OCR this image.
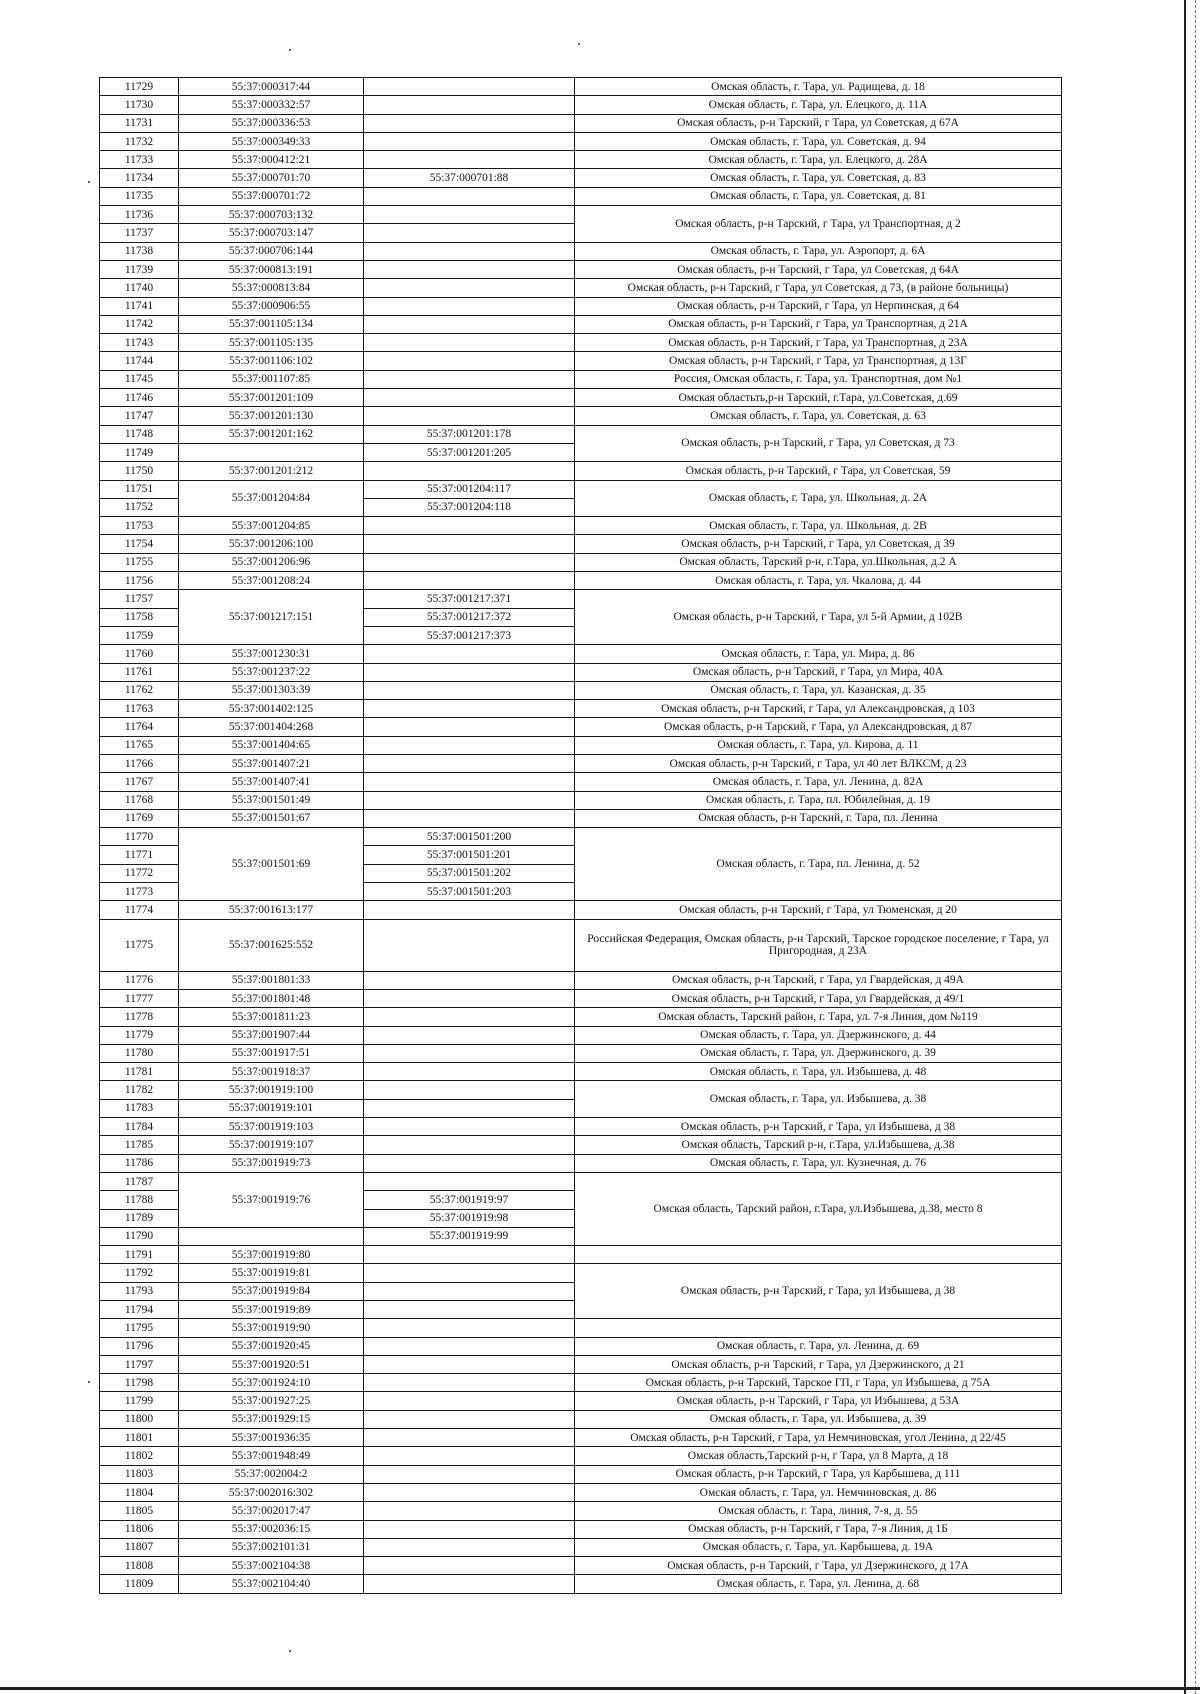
11729	55:37:000317:44		Омская область, г. Тара, ул. Радищева, д. 18
11730	55:37:000332:57		Омская область, г. Тара, ул. Елецкого, д. 11А
11731	55:37:000336:53		Омская область, р-н Тарский, г Тара, ул Советская, д 67А
11732	55:37:000349:33		Омская область, г. Тара, ул. Советская, д. 94
11733	55:37:000412:21		Омская область, г. Тара, ул. Елецкого, д. 28А
11734	55:37:000701:70	55:37:000701:88	Омская область, г. Тара, ул. Советская, д. 83
11735	55:37:000701:72		Омская область, г. Тара, ул. Советская, д. 81
11736	55:37:000703:132		Омская область, р-н Тарский, г Тара, ул Транспортная, д 2
11737	55:37:000703:147		
11738	55:37:000706:144		Омская область, г. Тара, ул. Аэропорт, д. 6А
11739	55:37:000813:191		Омская область, р-н Тарский, г Тара, ул Советская, д 64А
11740	55:37:000813:84		Омская область, р-н Тарский, г Тара, ул Советская, д 73, (в районе больницы)
11741	55:37:000906:55		Омская область, р-н Тарский, г Тара, ул Нерпинская, д 64
11742	55:37:001105:134		Омская область, р-н Тарский, г Тара, ул Транспортная, д 21А
11743	55:37:001105:135		Омская область, р-н Тарский, г Тара, ул Транспортная, д 23А
11744	55:37:001106:102		Омская область, р-н Тарский, г Тара, ул Транспортная, д 13Г
11745	55:37:001107:85		Россия, Омская область, г. Тара, ул. Транспортная, дом №1
11746	55:37:001201:109		Омская областьть,р-н Тарский, г.Тара, ул.Советская, д.69
11747	55:37:001201:130		Омская область, г. Тара, ул. Советская, д. 63
11748	55:37:001201:162	55:37:001201:178	Омская область, р-н Тарский, г Тара, ул Советская, д 73
11749		55:37:001201:205	
11750	55:37:001201:212		Омская область, р-н Тарский, г Тара, ул Советская, 59
11751	55:37:001204:84	55:37:001204:117	Омская область, г. Тара, ул. Школьная, д. 2А
11752		55:37:001204:118	
11753	55:37:001204:85		Омская область, г. Тара, ул. Школьная, д. 2В
11754	55:37:001206:100		Омская область, р-н Тарский, г Тара, ул Советская, д 39
11755	55:37:001206:96		Омская область, Тарский р-н, г.Тара, ул.Школьная, д.2 А
11756	55:37:001208:24		Омская область, г. Тара, ул. Чкалова, д. 44
11757	55:37:001217:151	55:37:001217:371	Омская область, р-н Тарский, г Тара, ул 5-й Армии, д 102В
11758		55:37:001217:372	
11759		55:37:001217:373	
11760	55:37:001230:31		Омская область, г. Тара, ул. Мира, д. 86
11761	55:37:001237:22		Омская область, р-н Тарский, г Тара, ул Мира, 40А
11762	55:37:001303:39		Омская область, г. Тара, ул. Казанская, д. 35
11763	55:37:001402:125		Омская область, р-н Тарский, г Тара, ул Александровская, д 103
11764	55:37:001404:268		Омская область, р-н Тарский, г Тара, ул Александровская, д 87
11765	55:37:001404:65		Омская область, г. Тара, ул. Кирова, д. 11
11766	55:37:001407:21		Омская область, р-н Тарский, г Тара, ул 40 лет ВЛКСМ, д 23
11767	55:37:001407:41		Омская область, г. Тара, ул. Ленина, д. 82А
11768	55:37:001501:49		Омская область, г. Тара, пл. Юбилейная, д. 19
11769	55:37:001501:67		Омская область, р-н Тарский, г. Тара, пл. Ленина
11770	55:37:001501:69	55:37:001501:200	Омская область, г. Тара, пл. Ленина, д. 52
11771		55:37:001501:201	
11772		55:37:001501:202	
11773		55:37:001501:203	
11774	55:37:001613:177		Омская область, р-н Тарский, г Тара, ул Тюменская, д 20
11775	55:37:001625:552		Российская Федерация, Омская область, р-н Тарский, Тарское городское поселение, г Тара, ул Пригородная, д 23А
11776	55:37:001801:33		Омская область, р-н Тарский, г Тара, ул Гвардейская, д 49А
11777	55:37:001801:48		Омская область, р-н Тарский, г Тара, ул Гвардейская, д 49/1
11778	55:37:001811:23		Омская область, Тарский район, г. Тара, ул. 7-я Линия, дом №119
11779	55:37:001907:44		Омская область, г. Тара, ул. Дзержинского, д. 44
11780	55:37:001917:51		Омская область, г. Тара, ул. Дзержинского, д. 39
11781	55:37:001918:37		Омская область, г. Тара, ул. Избышева, д. 48
11782	55:37:001919:100		Омская область, г. Тара, ул. Избышева, д. 38
11783	55:37:001919:101		
11784	55:37:001919:103		Омская область, р-н Тарский, г Тара, ул Избышева, д 38
11785	55:37:001919:107		Омская область, Тарский р-н, г.Тара, ул.Избышева, д.38
11786	55:37:001919:73		Омская область, г. Тара, ул. Кузнечная, д. 76
11787	55:37:001919:76		Омская область, Тарский район, г.Тара, ул.Избышева, д.38, место 8
11788		55:37:001919:97	
11789		55:37:001919:98	
11790		55:37:001919:99	
11791	55:37:001919:80		
11792	55:37:001919:81		Омская область, р-н Тарский, г Тара, ул Избышева, д 38
11793	55:37:001919:84		
11794	55:37:001919:89		
11795	55:37:001919:90		
11796	55:37:001920:45		Омская область, г. Тара, ул. Ленина, д. 69
11797	55:37:001920:51		Омская область, р-н Тарский, г Тара, ул Дзержинского, д 21
11798	55:37:001924:10		Омская область, р-н Тарский, Тарское ГП, г Тара, ул Избышева, д 75А
11799	55:37:001927:25		Омская область, р-н Тарский, г Тара, ул Избышева, д 53А
11800	55:37:001929:15		Омская область, г. Тара, ул. Избышева, д. 39
11801	55:37:001936:35		Омская область, р-н Тарский, г Тара, ул Немчиновская, угол Ленина, д 22/45
11802	55:37:001948:49		Омская область,Тарский р-н, г Тара, ул 8 Марта, д 18
11803	55:37:002004:2		Омская область, р-н Тарский, г Тара, ул Карбышева, д 111
11804	55:37:002016:302		Омская область, г. Тара, ул. Немчиновская, д. 86
11805	55:37:002017:47		Омская область, г. Тара, линия, 7-я, д. 55
11806	55:37:002036:15		Омская область, р-н Тарский, г Тара, 7-я Линия, д 1Б
11807	55:37:002101:31		Омская область, г. Тара, ул. Карбышева, д. 19А
11808	55:37:002104:38		Омская область, р-н Тарский, г Тара, ул Дзержинского, д 17А
11809	55:37:002104:40		Омская область, г. Тара, ул. Ленина, д. 68
